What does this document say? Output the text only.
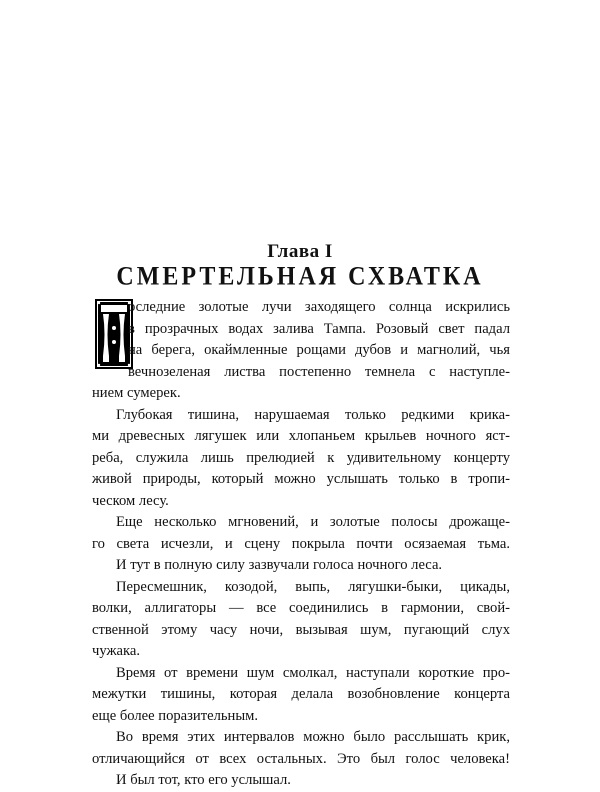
Глава I
СМЕРТЕЛЬНАЯ СХВАТКА
оследние золотые лучи заходящего солнца искрились
в прозрачных водах залива Тампа. Розовый свет падал
на берега, окаймленные рощами дубов и магнолий, чья
вечнозеленая листва постепенно темнела с наступле-
нием сумерек.
Глубокая тишина, нарушаемая только редкими крика-
ми древесных лягушек или хлопаньем крыльев ночного яст-
реба, служила лишь прелюдией к удивительному концерту
живой природы, который можно услышать только в тропи-
ческом лесу.
Еще несколько мгновений, и золотые полосы дрожаще-
го света исчезли, и сцену покрыла почти осязаемая тьма.
И тут в полную силу зазвучали голоса ночного леса.
Пересмешник, козодой, выпь, лягушки-быки, цикады,
волки, аллигаторы — все соединились в гармонии, свой-
ственной этому часу ночи, вызывая шум, пугающий слух
чужака.
Время от времени шум смолкал, наступали короткие про-
межутки тишины, которая делала возобновление концерта
еще более поразительным.
Во время этих интервалов можно было расслышать крик,
отличающийся от всех остальных. Это был голос человека!
И был тот, кто его услышал.
